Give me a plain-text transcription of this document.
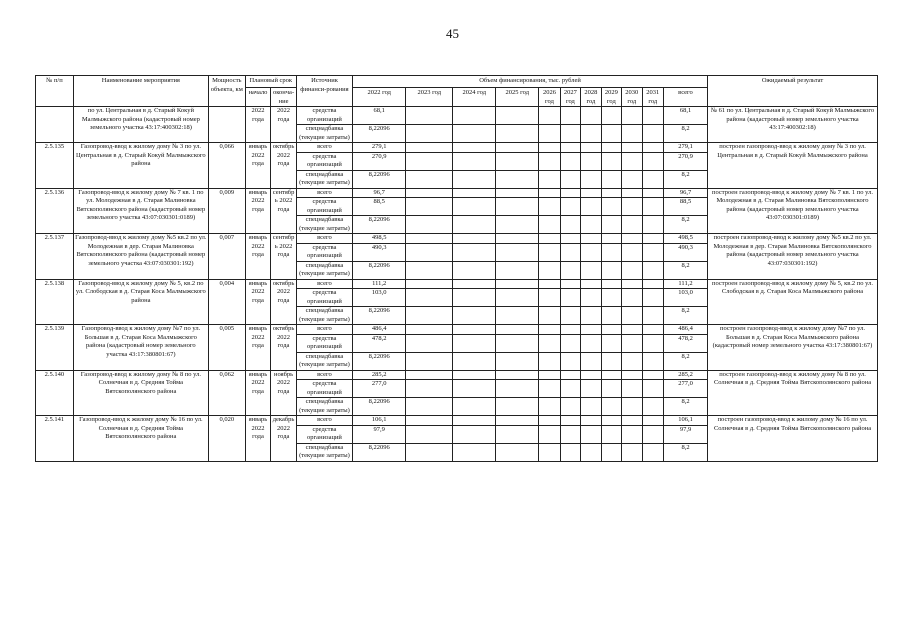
45
№ п/п	Наименование мероприятия	Мощность объекта, км	Плановый срок		Источник финанси-рования	Объем финансирования, тыс. рублей											Ожидаемый результат
			начало	оконча-ние		2022 год	2023 год	2024 год	2025 год	2026 год	2027 год	2028 год	2029 год	2030 год	2031 год	всего	

	по ул. Центральная в д. Старый Кокуй Малмыжского района (кадастровый номер земельного участка 43:17:400302:18)		2022 года	2022 года	средства организаций	68,1										68,1	№ 61 по ул. Центральная в д. Старый Кокуй Малмыжского района (кадастровый номер земельного участка 43:17:400302:18)
					спецнадбавка (текущие затраты)	8,22096										8,2	
2.5.135	Газопровод-ввод к жилому дому № 3 по ул. Центральная в д. Старый Кокуй Малмыжского района	0,066	январь 2022 года	октябрь 2022 года	всего	279,1										279,1	построен газопровод-ввод к жилому дому № 3 по ул. Центральная в д. Старый Кокуй Малмыжского района
					средства организаций	270,9										270,9	
					спецнадбавка (текущие затраты)	8,22096										8,2	
2.5.136	Газопровод-ввод к жилому дому № 7 кв. 1 по ул. Молодежная в д. Старая Малиновка Вятскополянского района (кадастровый номер земельного участка 43:07:030301:0189)	0,009	январь 2022 года	сентябрь 2022 года	всего	96,7										96,7	построен газопровод-ввод к жилому дому № 7 кв. 1 по ул. Молодежная в д. Старая Малиновка Вятскополянского района (кадастровый номер земельного участка 43:07:030301:0189)
					средства организаций	88,5										88,5	
					спецнадбавка (текущие затраты)	8,22096										8,2	
2.5.137	Газопровод-ввод к жилому дому №5 кв.2 по ул. Молодежная в дер. Старая Малиновка Вятскополянского района (кадастровый номер земельного участка 43:07:030301:192)	0,007	январь 2022 года	сентябрь 2022 года	всего	498,5										498,5	построен газопровод-ввод к жилому дому №5 кв.2 по ул. Молодежная в дер. Старая Малиновка Вятскополянского района (кадастровый номер земельного участка 43:07:030301:192)
					средства организаций	490,3										490,3	
					спецнадбавка (текущие затраты)	8,22096										8,2	
2.5.138	Газопровод-ввод к жилому дому № 5, кв.2 по ул. Слободская в д. Старая Коса Малмыжского района	0,004	январь 2022 года	октябрь 2022 года	всего	111,2										111,2	построен газопровод-ввод к жилому дому № 5, кв.2 по ул. Слободская в д. Старая Коса Малмыжского района
					средства организаций	103,0										103,0	
					спецнадбавка (текущие затраты)	8,22096										8,2	
2.5.139	Газопровод-ввод к жилому дому №7 по ул. Большая в д. Старая Коса Малмыжского района (кадастровый номер земельного участка 43:17:380801:67)	0,005	январь 2022 года	октябрь 2022 года	всего	486,4										486,4	построен газопровод-ввод к жилому дому №7 по ул. Большая в д. Старая Коса Малмыжского района (кадастровый номер земельного участка 43:17:380801:67)
					средства организаций	478,2										478,2	
					спецнадбавка (текущие затраты)	8,22096										8,2	
2.5.140	Газопровод-ввод к жилому дому № 8 по ул. Солнечная в д. Средняя Тойма Вятскополянского района	0,062	январь 2022 года	ноябрь 2022 года	всего	285,2										285,2	построен газопровод-ввод к жилому дому № 8 по ул. Солнечная в д. Средняя Тойма Вятскополянского района
					средства организаций	277,0										277,0	
					спецнадбавка (текущие затраты)	8,22096										8,2	
2.5.141	Газопровод-ввод к жилому дому № 16 по ул. Солнечная в д. Средняя Тойма Вятскополянского района	0,020	январь 2022 года	декабрь 2022 года	всего	106,1										106,1	построен газопровод-ввод к жилому дому № 16 по ул. Солнечная в д. Средняя Тойма Вятскополянского района
					средства организаций	97,9										97,9	
					спецнадбавка (текущие затраты)	8,22096										8,2	
